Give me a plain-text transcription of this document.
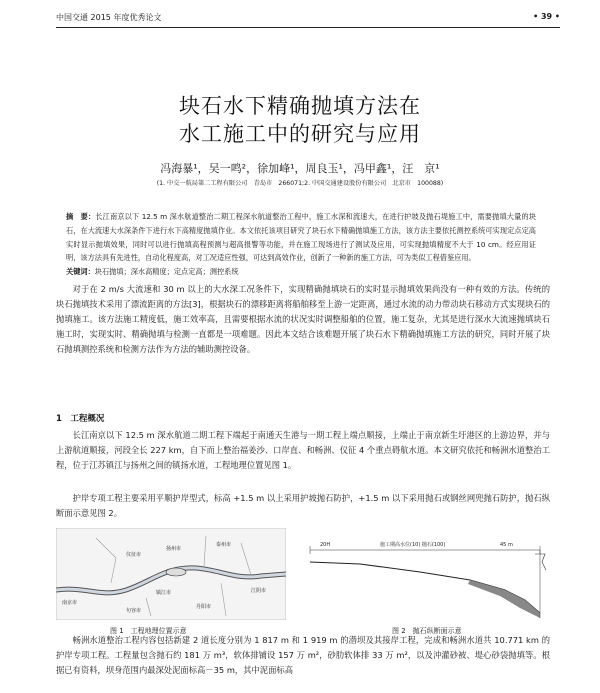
中国交通 2015 年度优秀论文	• 39 •
块石水下精确抛填方法在
水工施工中的研究与应用
冯海暴¹，吴一鸣²，徐加峰¹，周良玉¹，冯甲鑫¹，汪　京¹
(1. 中交一航局第二工程有限公司　青岛市　266071;2. 中国交通建设股份有限公司　北京市　100088)
摘　要：长江南京以下 12.5 m 深水航道整治二期工程深水航道整治工程中，施工水深和流速大，在进行护坡及抛石堤施工中，需要抛填大量的块石，在大流速大水深条件下进行水下高精度抛填作业。本文依托该项目研究了块石水下精确抛填施工方法，该方法主要依托测控系统可实现定点定高实时显示抛填效果，同时可以进行抛填高程预测与超高报警等功能，并在施工现场进行了测试及应用，可实现抛填精度不大于 10 cm。经应用证明，该方法具有先进性，自动化程度高，对工况适应性强，可达到高效作业，创新了一种新的施工方法，可为类似工程借鉴应用。
关键词：块石抛填；深水高精度；定点定高；测控系统
对于在 2 m/s 大流速和 30 m 以上的大水深工况条件下，实现精确抛填块石的实时显示抛填效果尚没有一种有效的方法。传统的块石抛填技术采用了漂流距离的方法[3]，根据块石的漂移距离将船舶移至上游一定距离，通过水流的动力带动块石移动方式实现块石的抛填施工。该方法施工精度低，施工效率高，且需要根据水流的状况实时调整船舶的位置，施工复杂，尤其是进行深水大流速抛填块石施工时，实现实时、精确抛填与检测一直都是一项难题。因此本文结合该难题开展了块石水下精确抛填施工方法的研究，同时开展了块石抛填测控系统和检测方法作为方法的辅助测控设备。
1　工程概况
长江南京以下 12.5 m 深水航道二期工程下端起于南通天生港与一期工程上端点顺接，上端止于南京新生圩港区的上游边界，并与上游航道顺接，河段全长 227 km，自下而上整治福姜沙、口岸直、和畅洲、仪征 4 个重点碍航水道。本文研究依托和畅洲水道整治工程，位于江苏镇江与扬州之间的镇扬水道，工程地理位置见图 1。
护岸专项工程主要采用平顺护岸型式，标高 +1.5 m 以上采用护坡抛石防护，+1.5 m 以下采用抛石或钢丝网兜抛石防护，抛石纵断面示意见图 2。
仪征市
扬州市
泰州市
南京市
镇江市
句容市
丹阳市
江阴市
20H	施工期高水位(10) 抛石(100)	45 m
图 1　工程地理位置示意	图 2　抛石纵断面示意
畅洲水道整治工程内容包括新建 2 道长度分别为 1 817 m 和 1 919 m 的潜坝及其接岸工程，完成和畅洲水道共 10.771 km 的护岸专项工程。工程量包含抛石约 181 万 m³，软体排铺设 157 万 m²，砂肋软体排 33 万 m²，以及沖灌砂被、堤心砂袋抛填等。根据已有资料，坝身范围内最深处泥面标高－35 m，其中泥面标高
